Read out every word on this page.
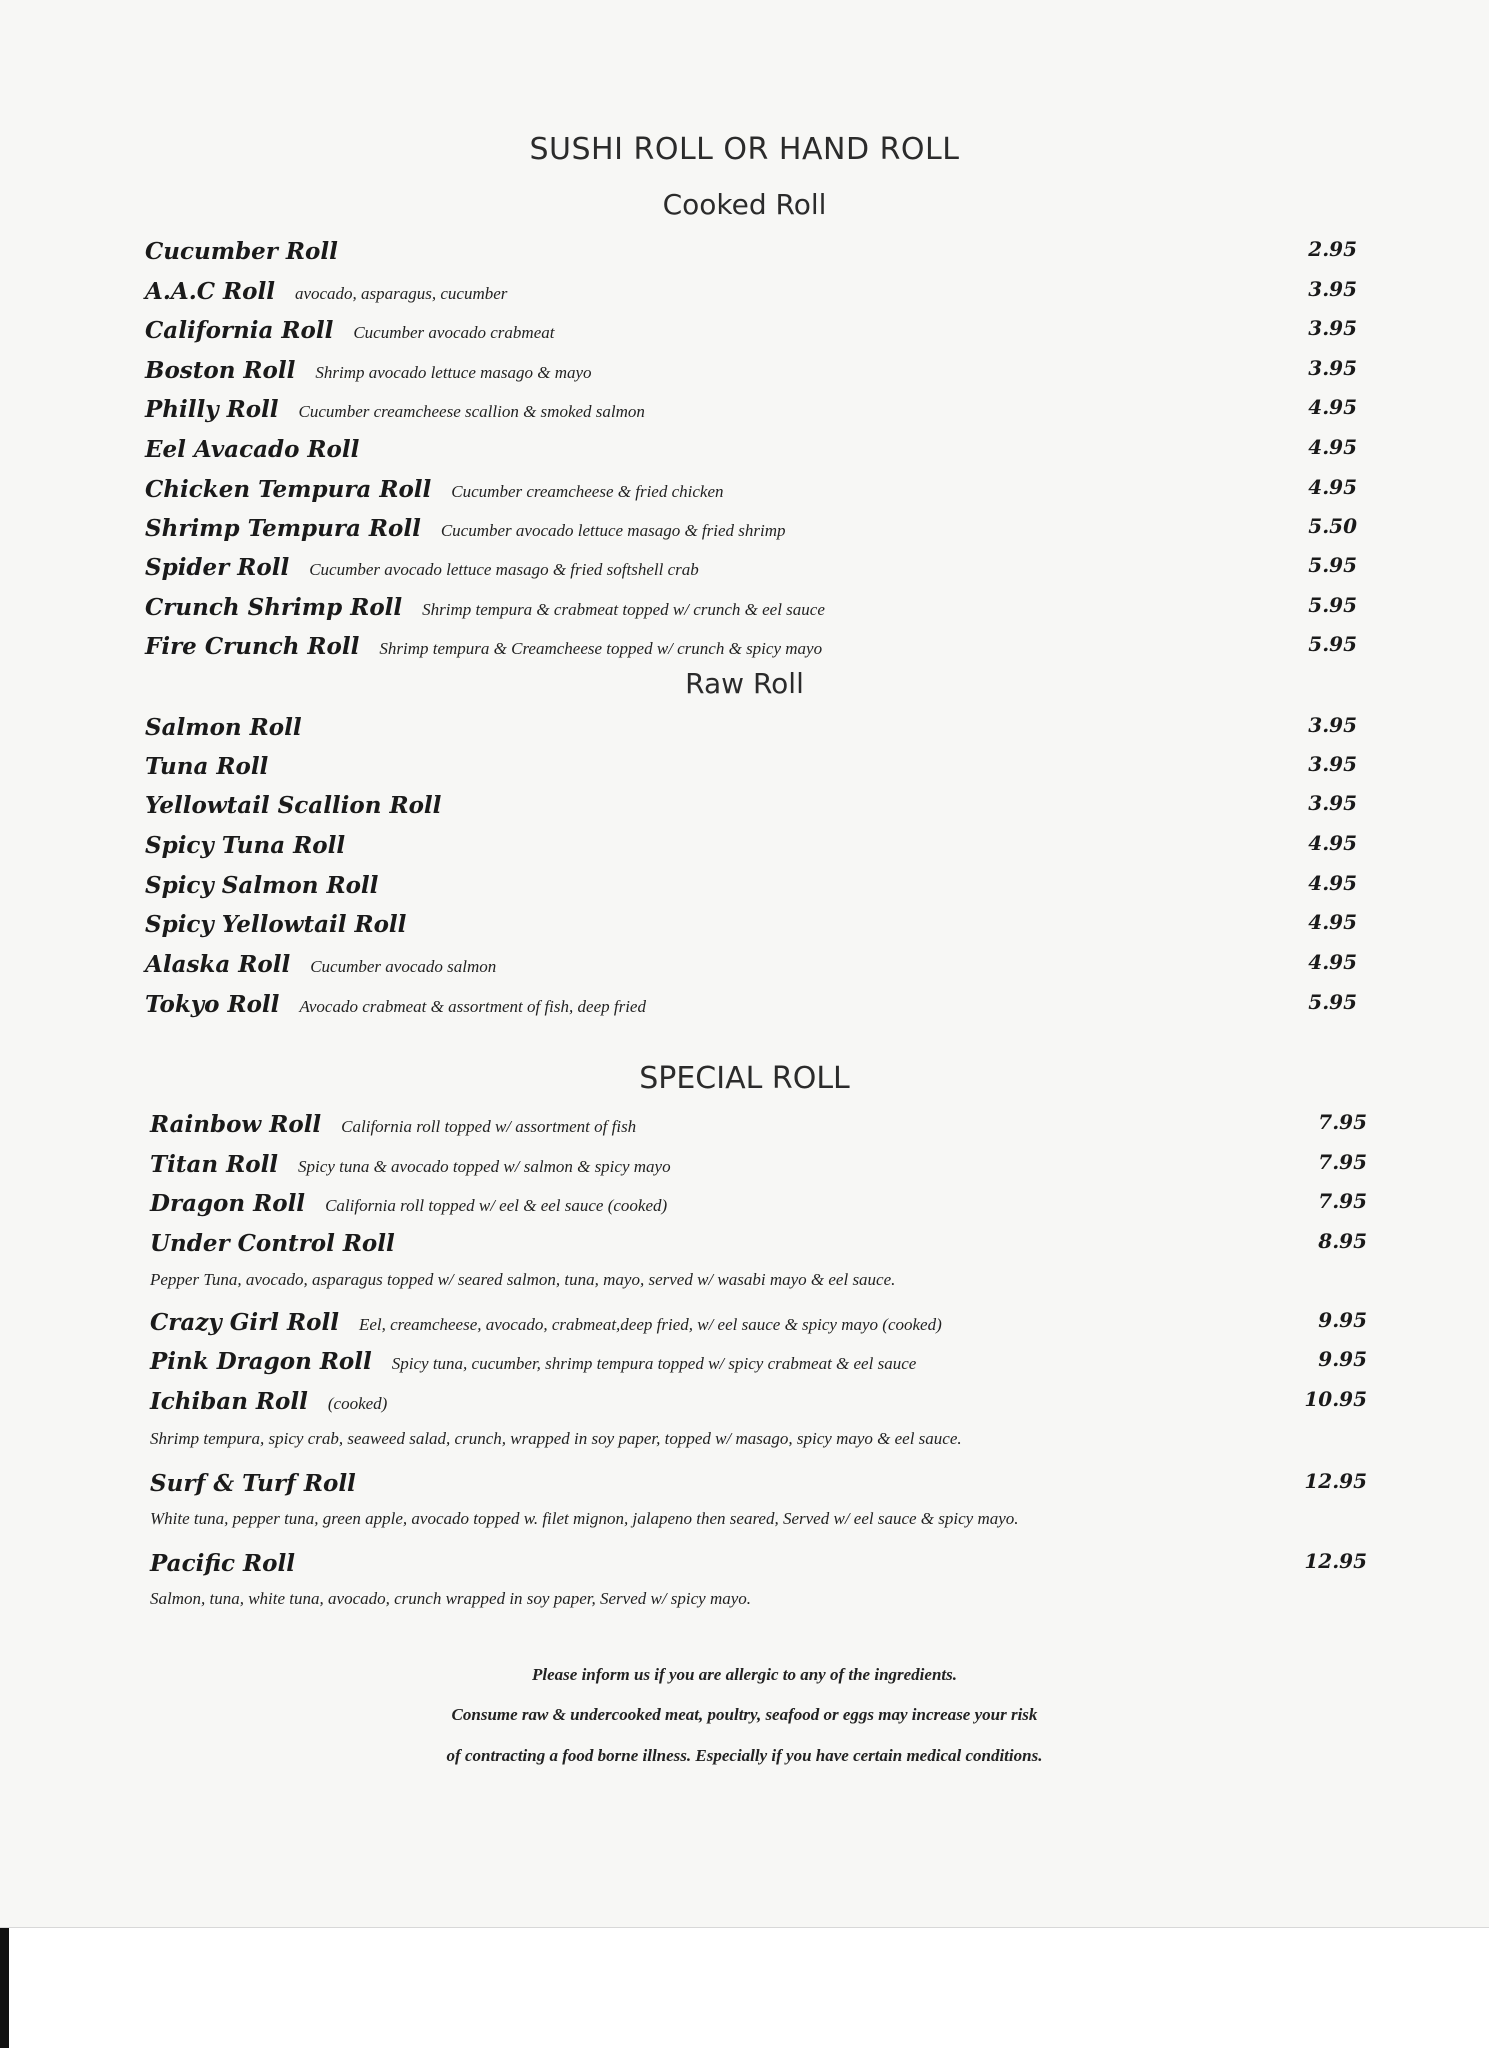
SUSHI ROLL OR HAND ROLL
Cooked Roll
Cucumber Roll	2.95
A.A.C Roll avocado, asparagus, cucumber	3.95
California Roll Cucumber avocado crabmeat	3.95
Boston Roll Shrimp avocado lettuce masago & mayo	3.95
Philly Roll Cucumber creamcheese scallion & smoked salmon	4.95
Eel Avacado Roll	4.95
Chicken Tempura Roll Cucumber creamcheese & fried chicken	4.95
Shrimp Tempura Roll Cucumber avocado lettuce masago & fried shrimp	5.50
Spider Roll Cucumber avocado lettuce masago & fried softshell crab	5.95
Crunch Shrimp Roll Shrimp tempura & crabmeat topped w/ crunch & eel sauce	5.95
Fire Crunch Roll Shrimp tempura & Creamcheese topped w/ crunch & spicy mayo	5.95
Raw Roll
Salmon Roll	3.95
Tuna Roll	3.95
Yellowtail Scallion Roll	3.95
Spicy Tuna Roll	4.95
Spicy Salmon Roll	4.95
Spicy Yellowtail Roll	4.95
Alaska Roll Cucumber avocado salmon	4.95
Tokyo Roll Avocado crabmeat & assortment of fish, deep fried	5.95
SPECIAL ROLL
Rainbow Roll California roll topped w/ assortment of fish	7.95
Titan Roll Spicy tuna & avocado topped w/ salmon & spicy mayo	7.95
Dragon Roll California roll topped w/ eel & eel sauce (cooked)	7.95
Under Control Roll	8.95
Pepper Tuna, avocado, asparagus topped w/ seared salmon, tuna, mayo, served w/ wasabi mayo & eel sauce.
Crazy Girl Roll Eel, creamcheese, avocado, crabmeat,deep fried, w/ eel sauce & spicy mayo (cooked)	9.95
Pink Dragon Roll Spicy tuna, cucumber, shrimp tempura topped w/ spicy crabmeat & eel sauce	9.95
Ichiban Roll (cooked)	10.95
Shrimp tempura, spicy crab, seaweed salad, crunch, wrapped in soy paper, topped w/ masago, spicy mayo & eel sauce.
Surf & Turf Roll	12.95
White tuna, pepper tuna, green apple, avocado topped w. filet mignon, jalapeno then seared, Served w/ eel sauce & spicy mayo.
Pacific Roll	12.95
Salmon, tuna, white tuna, avocado, crunch wrapped in soy paper, Served w/ spicy mayo.
Please inform us if you are allergic to any of the ingredients.
Consume raw & undercooked meat, poultry, seafood or eggs may increase your risk
of contracting a food borne illness. Especially if you have certain medical conditions.
